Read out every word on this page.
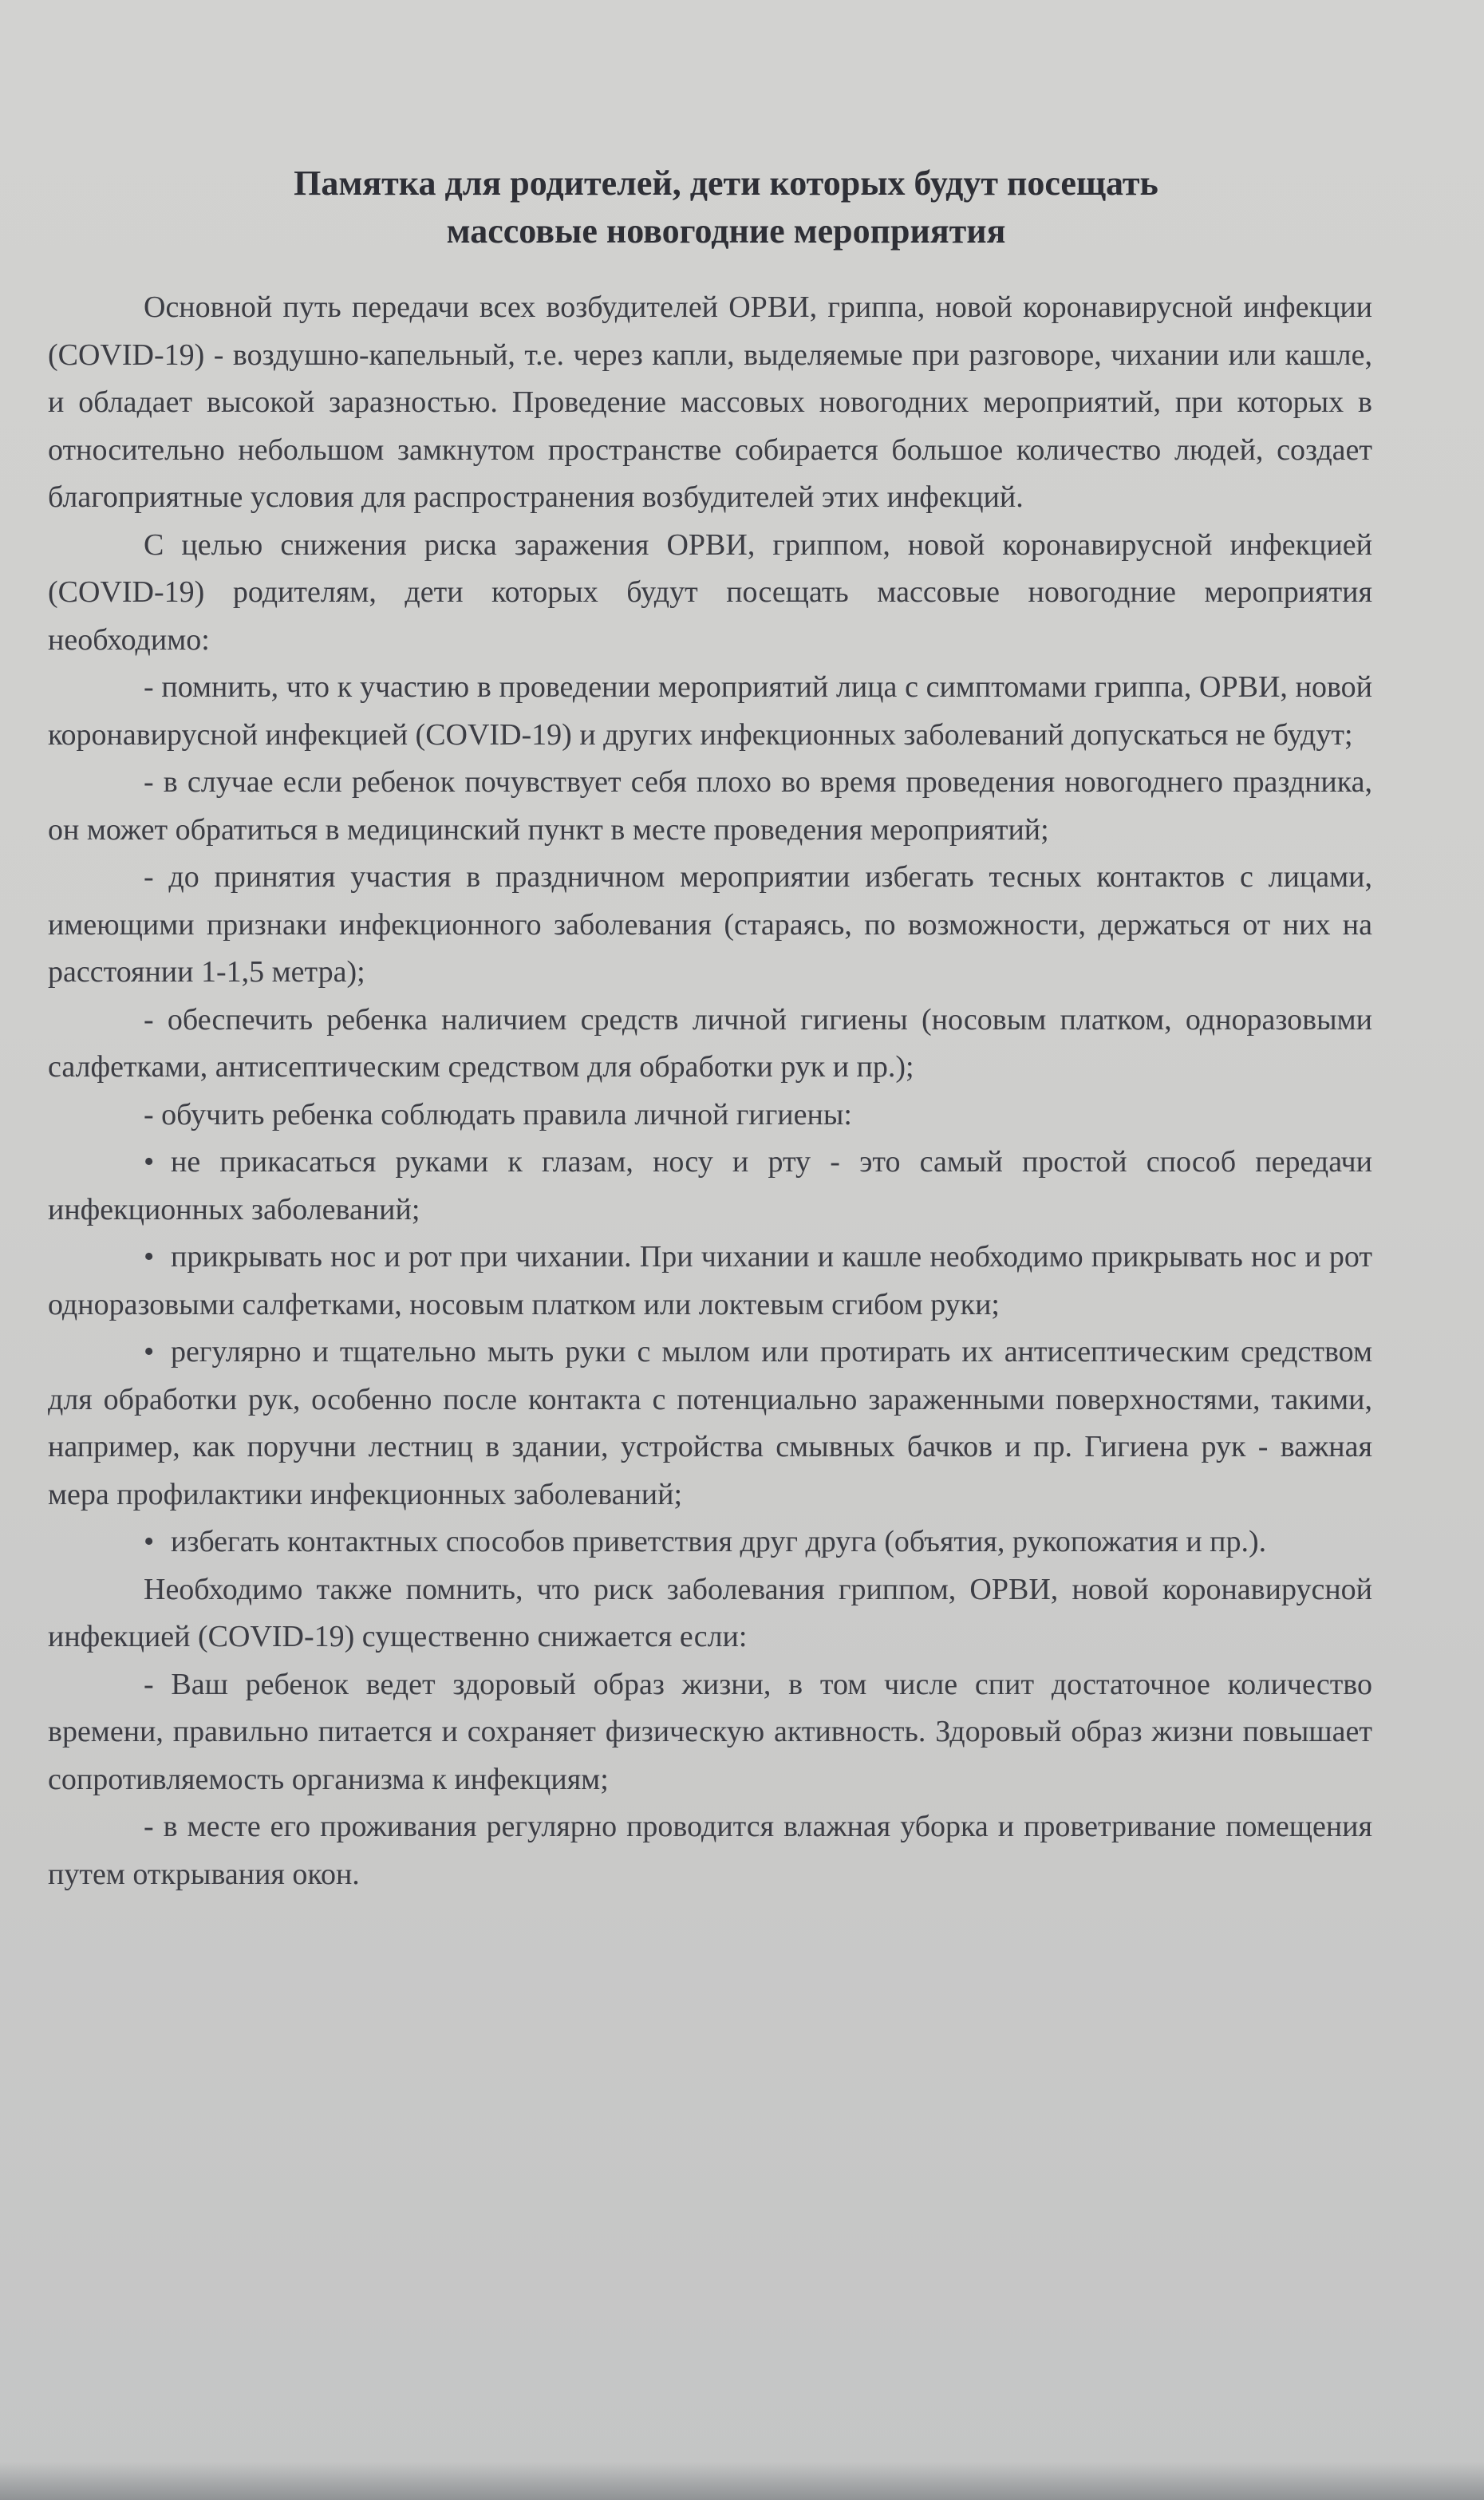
Памятка для родителей, дети которых будут посещать
массовые новогодние мероприятия

Основной путь передачи всех возбудителей ОРВИ, гриппа, новой коронавирусной инфекции (COVID-19) - воздушно-капельный, т.е. через капли, выделяемые при разговоре, чихании или кашле, и обладает высокой заразностью. Проведение массовых новогодних мероприятий, при которых в относительно небольшом замкнутом пространстве собирается большое количество людей, создает благоприятные условия для распространения возбудителей этих инфекций.

С целью снижения риска заражения ОРВИ, гриппом, новой коронавирусной инфекцией (COVID-19) родителям, дети которых будут посещать массовые новогодние мероприятия необходимо:

- помнить, что к участию в проведении мероприятий лица с симптомами гриппа, ОРВИ, новой коронавирусной инфекцией (COVID-19) и других инфекционных заболеваний допускаться не будут;

- в случае если ребенок почувствует себя плохо во время проведения новогоднего праздника, он может обратиться в медицинский пункт в месте проведения мероприятий;

- до принятия участия в праздничном мероприятии избегать тесных контактов с лицами, имеющими признаки инфекционного заболевания (стараясь, по возможности, держаться от них на расстоянии 1-1,5 метра);

- обеспечить ребенка наличием средств личной гигиены (носовым платком, одноразовыми салфетками, антисептическим средством для обработки рук и пр.);

- обучить ребенка соблюдать правила личной гигиены:

• не прикасаться руками к глазам, носу и рту - это самый простой способ передачи инфекционных заболеваний;

• прикрывать нос и рот при чихании. При чихании и кашле необходимо прикрывать нос и рот одноразовыми салфетками, носовым платком или локтевым сгибом руки;

• регулярно и тщательно мыть руки с мылом или протирать их антисептическим средством для обработки рук, особенно после контакта с потенциально зараженными поверхностями, такими, например, как поручни лестниц в здании, устройства смывных бачков и пр. Гигиена рук - важная мера профилактики инфекционных заболеваний;

• избегать контактных способов приветствия друг друга (объятия, рукопожатия и пр.).

Необходимо также помнить, что риск заболевания гриппом, ОРВИ, новой коронавирусной инфекцией (COVID-19) существенно снижается если:

- Ваш ребенок ведет здоровый образ жизни, в том числе спит достаточное количество времени, правильно питается и сохраняет физическую активность. Здоровый образ жизни повышает сопротивляемость организма к инфекциям;

- в месте его проживания регулярно проводится влажная уборка и проветривание помещения путем открывания окон.
